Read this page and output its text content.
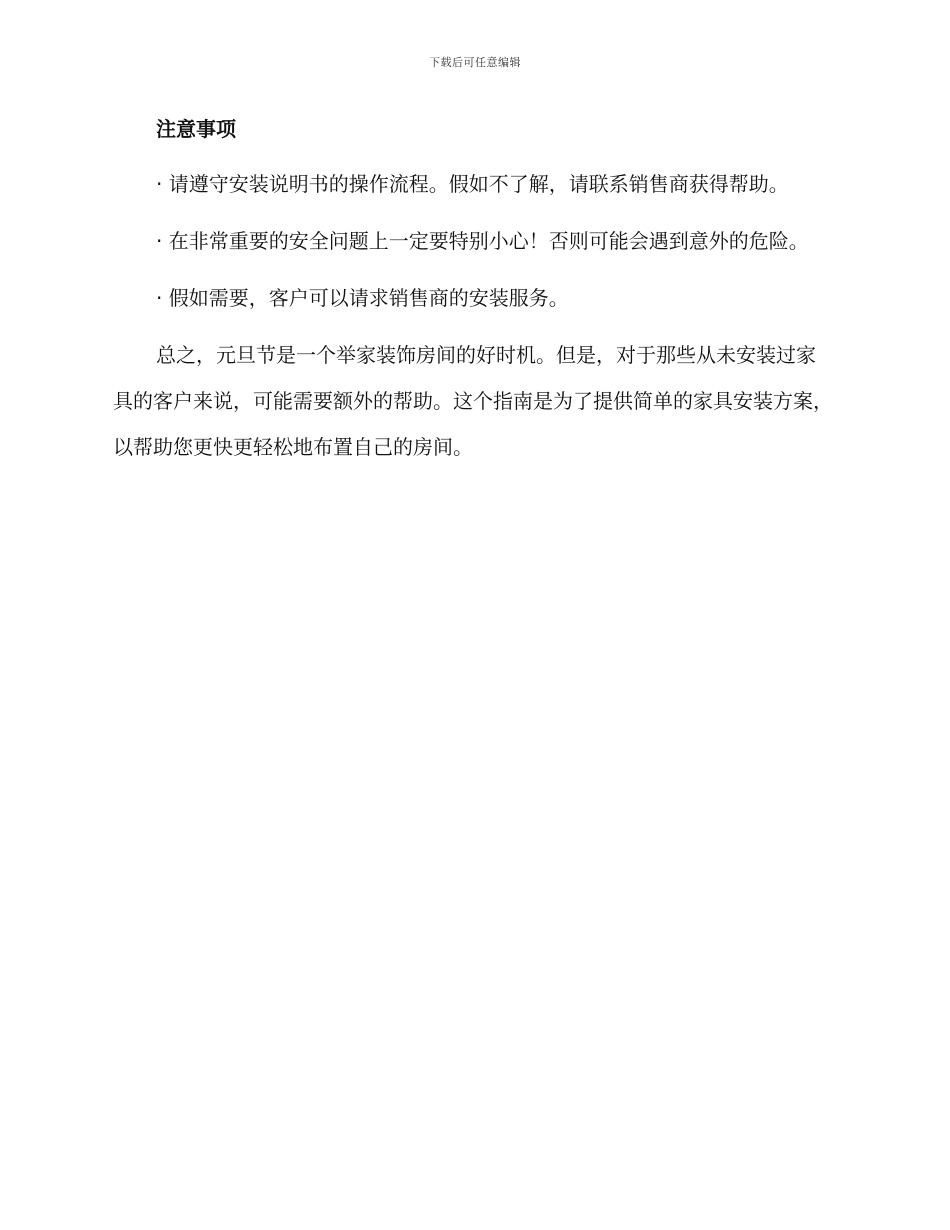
下载后可任意编辑
注意事项

· 请遵守安装说明书的操作流程。假如不了解，请联系销售商获得帮助。

· 在非常重要的安全问题上一定要特别小心！否则可能会遇到意外的危险。

· 假如需要，客户可以请求销售商的安装服务。

总之，元旦节是一个举家装饰房间的好时机。但是，对于那些从未安装过家具的客户来说，可能需要额外的帮助。这个指南是为了提供简单的家具安装方案，以帮助您更快更轻松地布置自己的房间。
